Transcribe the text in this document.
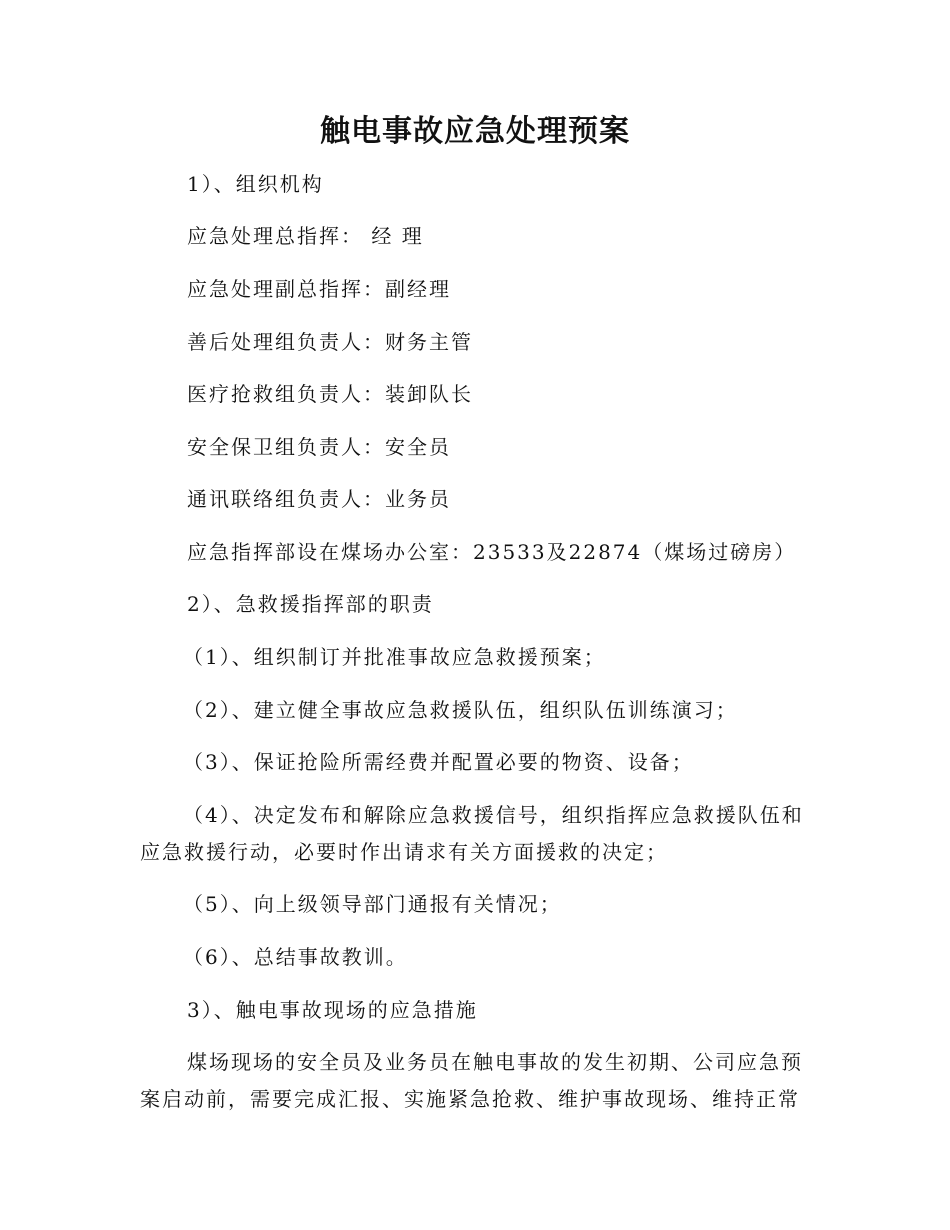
触电事故应急处理预案
1）、组织机构
应急处理总指挥： 经 理
应急处理副总指挥：副经理
善后处理组负责人：财务主管
医疗抢救组负责人：装卸队长
安全保卫组负责人：安全员
通讯联络组负责人：业务员
应急指挥部设在煤场办公室：23533及22874（煤场过磅房）
2）、急救援指挥部的职责
（1）、组织制订并批准事故应急救援预案；
（2）、建立健全事故应急救援队伍，组织队伍训练演习；
（3）、保证抢险所需经费并配置必要的物资、设备；
（4）、决定发布和解除应急救援信号，组织指挥应急救援队伍和
应急救援行动，必要时作出请求有关方面援救的决定；
（5）、向上级领导部门通报有关情况；
（6）、总结事故教训。
3）、触电事故现场的应急措施
煤场现场的安全员及业务员在触电事故的发生初期、公司应急预
案启动前，需要完成汇报、实施紧急抢救、维护事故现场、维持正常
